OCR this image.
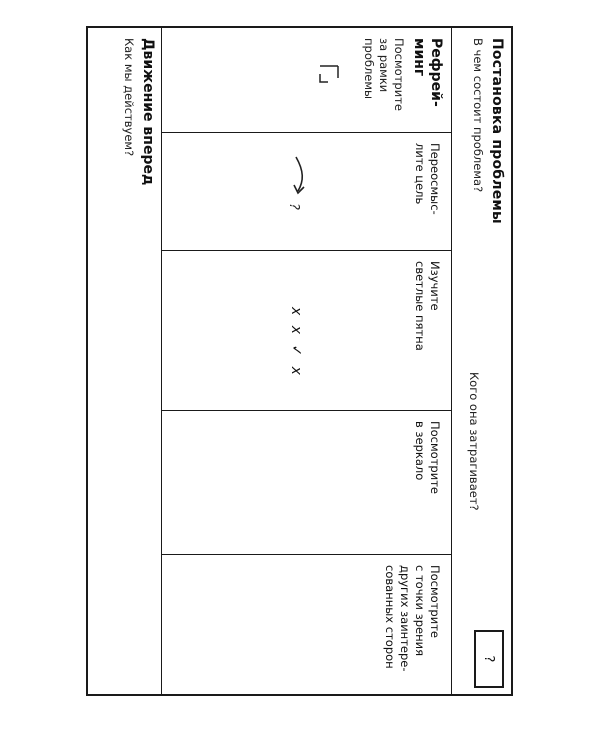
Постановка проблемы
В чем состоит проблема?
Кого она затрагивает?
?
Рефрей-
минг
Посмотрите
за рамки
проблемы
Переосмыс-
лите цель
?
Изучите
светлые пятна
x x ✓ x
Посмотрите
в зеркало
Посмотрите
с точки зрения
других заинтере-
сованных сторон
Движение вперед
Как мы действуем?
